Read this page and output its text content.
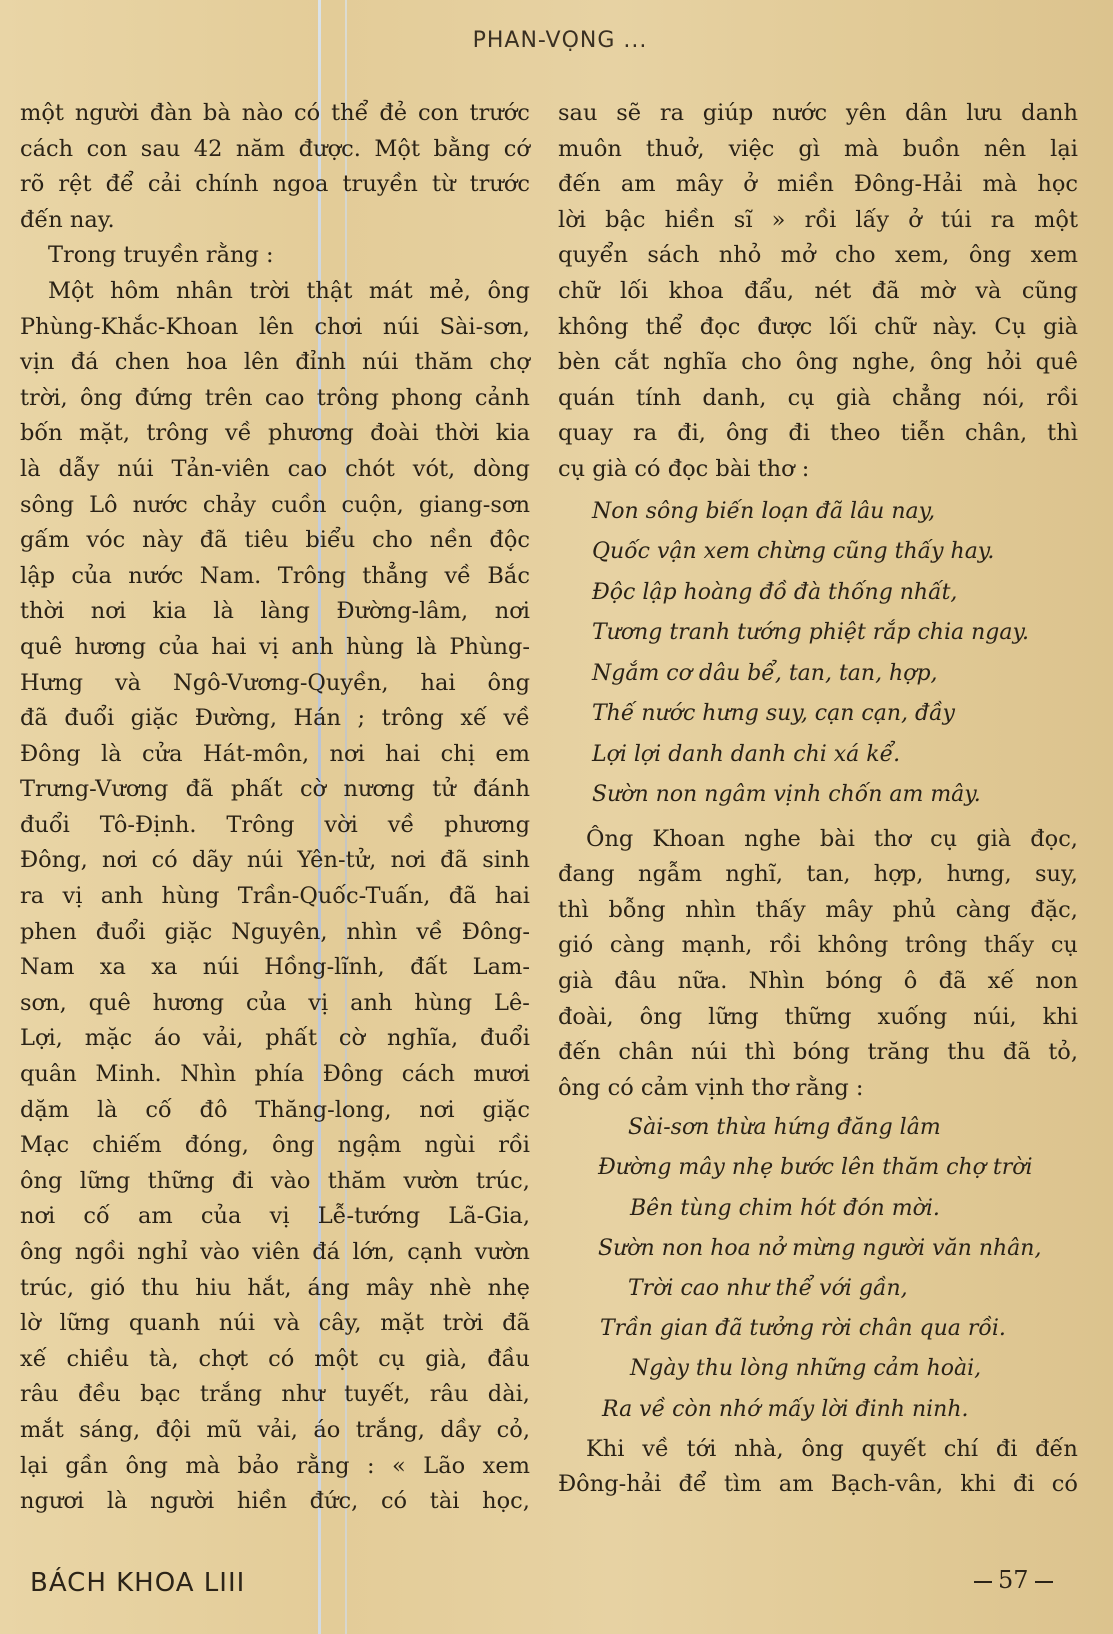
PHAN-VỌNG ...
một người đàn bà nào có thể đẻ con trước
cách con sau 42 năm được. Một bằng cớ
rõ rệt để cải chính ngoa truyền từ trước
đến nay.
Trong truyền rằng :
Một hôm nhân trời thật mát mẻ, ông
Phùng-Khắc-Khoan lên chơi núi Sài-sơn,
vịn đá chen hoa lên đỉnh núi thăm chợ
trời, ông đứng trên cao trông phong cảnh
bốn mặt, trông về phương đoài thời kia
là dẫy núi Tản-viên cao chót vót, dòng
sông Lô nước chảy cuồn cuộn, giang-sơn
gấm vóc này đã tiêu biểu cho nền độc
lập của nước Nam. Trông thẳng về Bắc
thời nơi kia là làng Đường-lâm, nơi
quê hương của hai vị anh hùng là Phùng-
Hưng và Ngô-Vương-Quyền, hai ông
đã đuổi giặc Đường, Hán ; trông xế về
Đông là cửa Hát-môn, nơi hai chị em
Trưng-Vương đã phất cờ nương tử đánh
đuổi Tô-Định. Trông vời về phương
Đông, nơi có dãy núi Yên-tử, nơi đã sinh
ra vị anh hùng Trần-Quốc-Tuấn, đã hai
phen đuổi giặc Nguyên, nhìn về Đông-
Nam xa xa núi Hồng-lĩnh, đất Lam-
sơn, quê hương của vị anh hùng Lê-
Lợi, mặc áo vải, phất cờ nghĩa, đuổi
quân Minh. Nhìn phía Đông cách mươi
dặm là cố đô Thăng-long, nơi giặc
Mạc chiếm đóng, ông ngậm ngùi rồi
ông lững thững đi vào thăm vườn trúc,
nơi cố am của vị Lễ-tướng Lã-Gia,
ông ngồi nghỉ vào viên đá lớn, cạnh vườn
trúc, gió thu hiu hắt, áng mây nhè nhẹ
lờ lững quanh núi và cây, mặt trời đã
xế chiều tà, chợt có một cụ già, đầu
râu đều bạc trắng như tuyết, râu dài,
mắt sáng, đội mũ vải, áo trắng, dầy cỏ,
lại gần ông mà bảo rằng : « Lão xem
ngươi là người hiền đức, có tài học,
sau sẽ ra giúp nước yên dân lưu danh
muôn thuở, việc gì mà buồn nên lại
đến am mây ở miền Đông-Hải mà học
lời bậc hiền sĩ » rồi lấy ở túi ra một
quyển sách nhỏ mở cho xem, ông xem
chữ lối khoa đẩu, nét đã mờ và cũng
không thể đọc được lối chữ này. Cụ già
bèn cắt nghĩa cho ông nghe, ông hỏi quê
quán tính danh, cụ già chẳng nói, rồi
quay ra đi, ông đi theo tiễn chân, thì
cụ già có đọc bài thơ :
Non sông biến loạn đã lâu nay,
Quốc vận xem chừng cũng thấy hay.
Độc lập hoàng đồ đà thống nhất,
Tương tranh tướng phiệt rắp chia ngay.
Ngắm cơ dâu bể, tan, tan, hợp,
Thế nước hưng suy, cạn cạn, đầy
Lợi lợi danh danh chi xá kể.
Sườn non ngâm vịnh chốn am mây.
Ông Khoan nghe bài thơ cụ già đọc,
đang ngẫm nghĩ, tan, hợp, hưng, suy,
thì bỗng nhìn thấy mây phủ càng đặc,
gió càng mạnh, rồi không trông thấy cụ
già đâu nữa. Nhìn bóng ô đã xế non
đoài, ông lững thững xuống núi, khi
đến chân núi thì bóng trăng thu đã tỏ,
ông có cảm vịnh thơ rằng :
Sài-sơn thừa hứng đăng lâm
Đường mây nhẹ bước lên thăm chợ trời
Bên tùng chim hót đón mời.
Sườn non hoa nở mừng người văn nhân,
Trời cao như thể với gần,
Trần gian đã tưởng rời chân qua rồi.
Ngày thu lòng những cảm hoài,
Ra về còn nhớ mấy lời đinh ninh.
Khi về tới nhà, ông quyết chí đi đến
Đông-hải để tìm am Bạch-vân, khi đi có
BÁCH KHOA LIII	57
